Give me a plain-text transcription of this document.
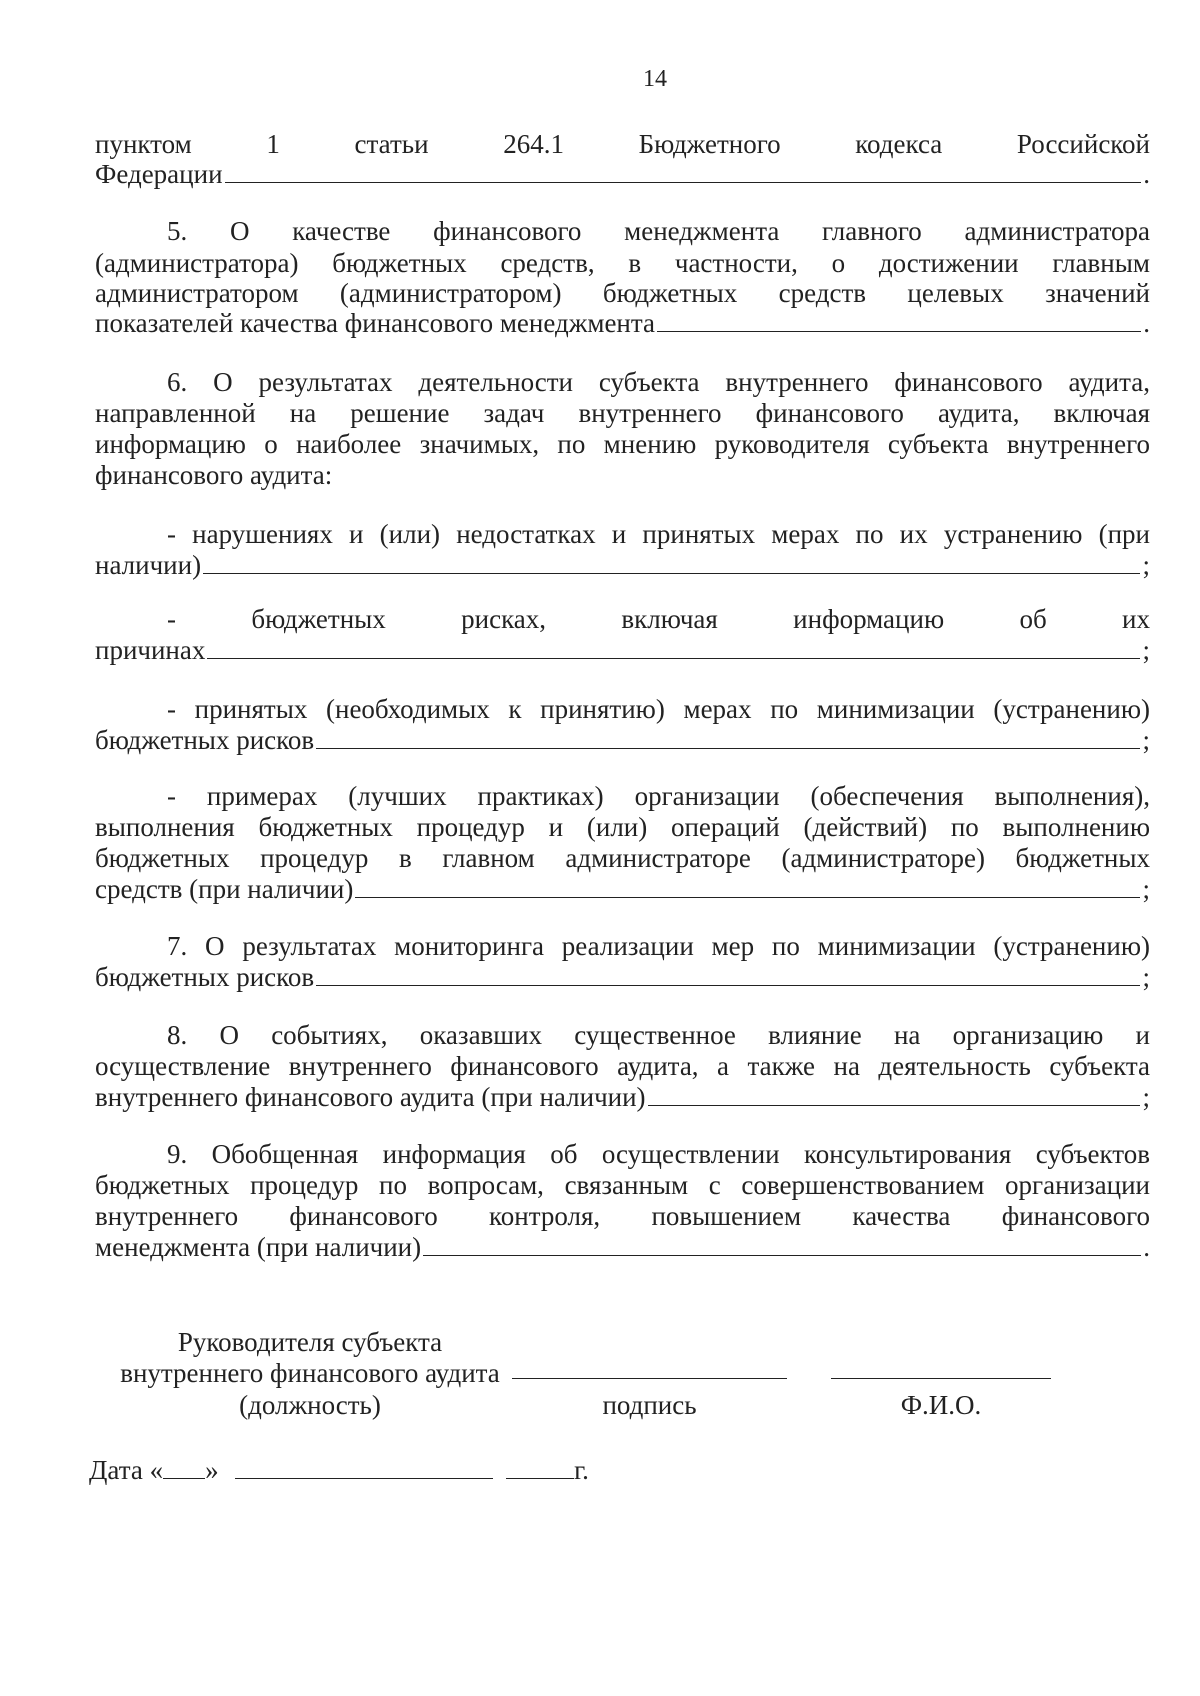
14
пунктом 1 статьи 264.1 Бюджетного кодекса Российской
Федерации	.
5. О качестве финансового менеджмента главного администратора
(администратора) бюджетных средств, в частности, о достижении главным
администратором (администратором) бюджетных средств целевых значений
показателей качества финансового менеджмента	.
6. О результатах деятельности субъекта внутреннего финансового аудита,
направленной на решение задач внутреннего финансового аудита, включая
информацию о наиболее значимых, по мнению руководителя субъекта внутреннего
финансового аудита:
- нарушениях и (или) недостатках и принятых мерах по их устранению (при
наличии)	;
- бюджетных рисках, включая информацию об их
причинах	;
- принятых (необходимых к принятию) мерах по минимизации (устранению)
бюджетных рисков	;
- примерах (лучших практиках) организации (обеспечения выполнения),
выполнения бюджетных процедур и (или) операций (действий) по выполнению
бюджетных процедур в главном администраторе (администраторе) бюджетных
средств (при наличии)	;
7. О результатах мониторинга реализации мер по минимизации (устранению)
бюджетных рисков	;
8. О событиях, оказавших существенное влияние на организацию и
осуществление внутреннего финансового аудита, а также на деятельность субъекта
внутреннего финансового аудита (при наличии)	;
9. Обобщенная информация об осуществлении консультирования субъектов
бюджетных процедур по вопросам, связанным с совершенствованием организации
внутреннего финансового контроля, повышением качества финансового
менеджмента (при наличии)	.
Руководителя субъекта
внутреннего финансового аудита
(должность)	подпись	Ф.И.О.
Дата « »	г.
